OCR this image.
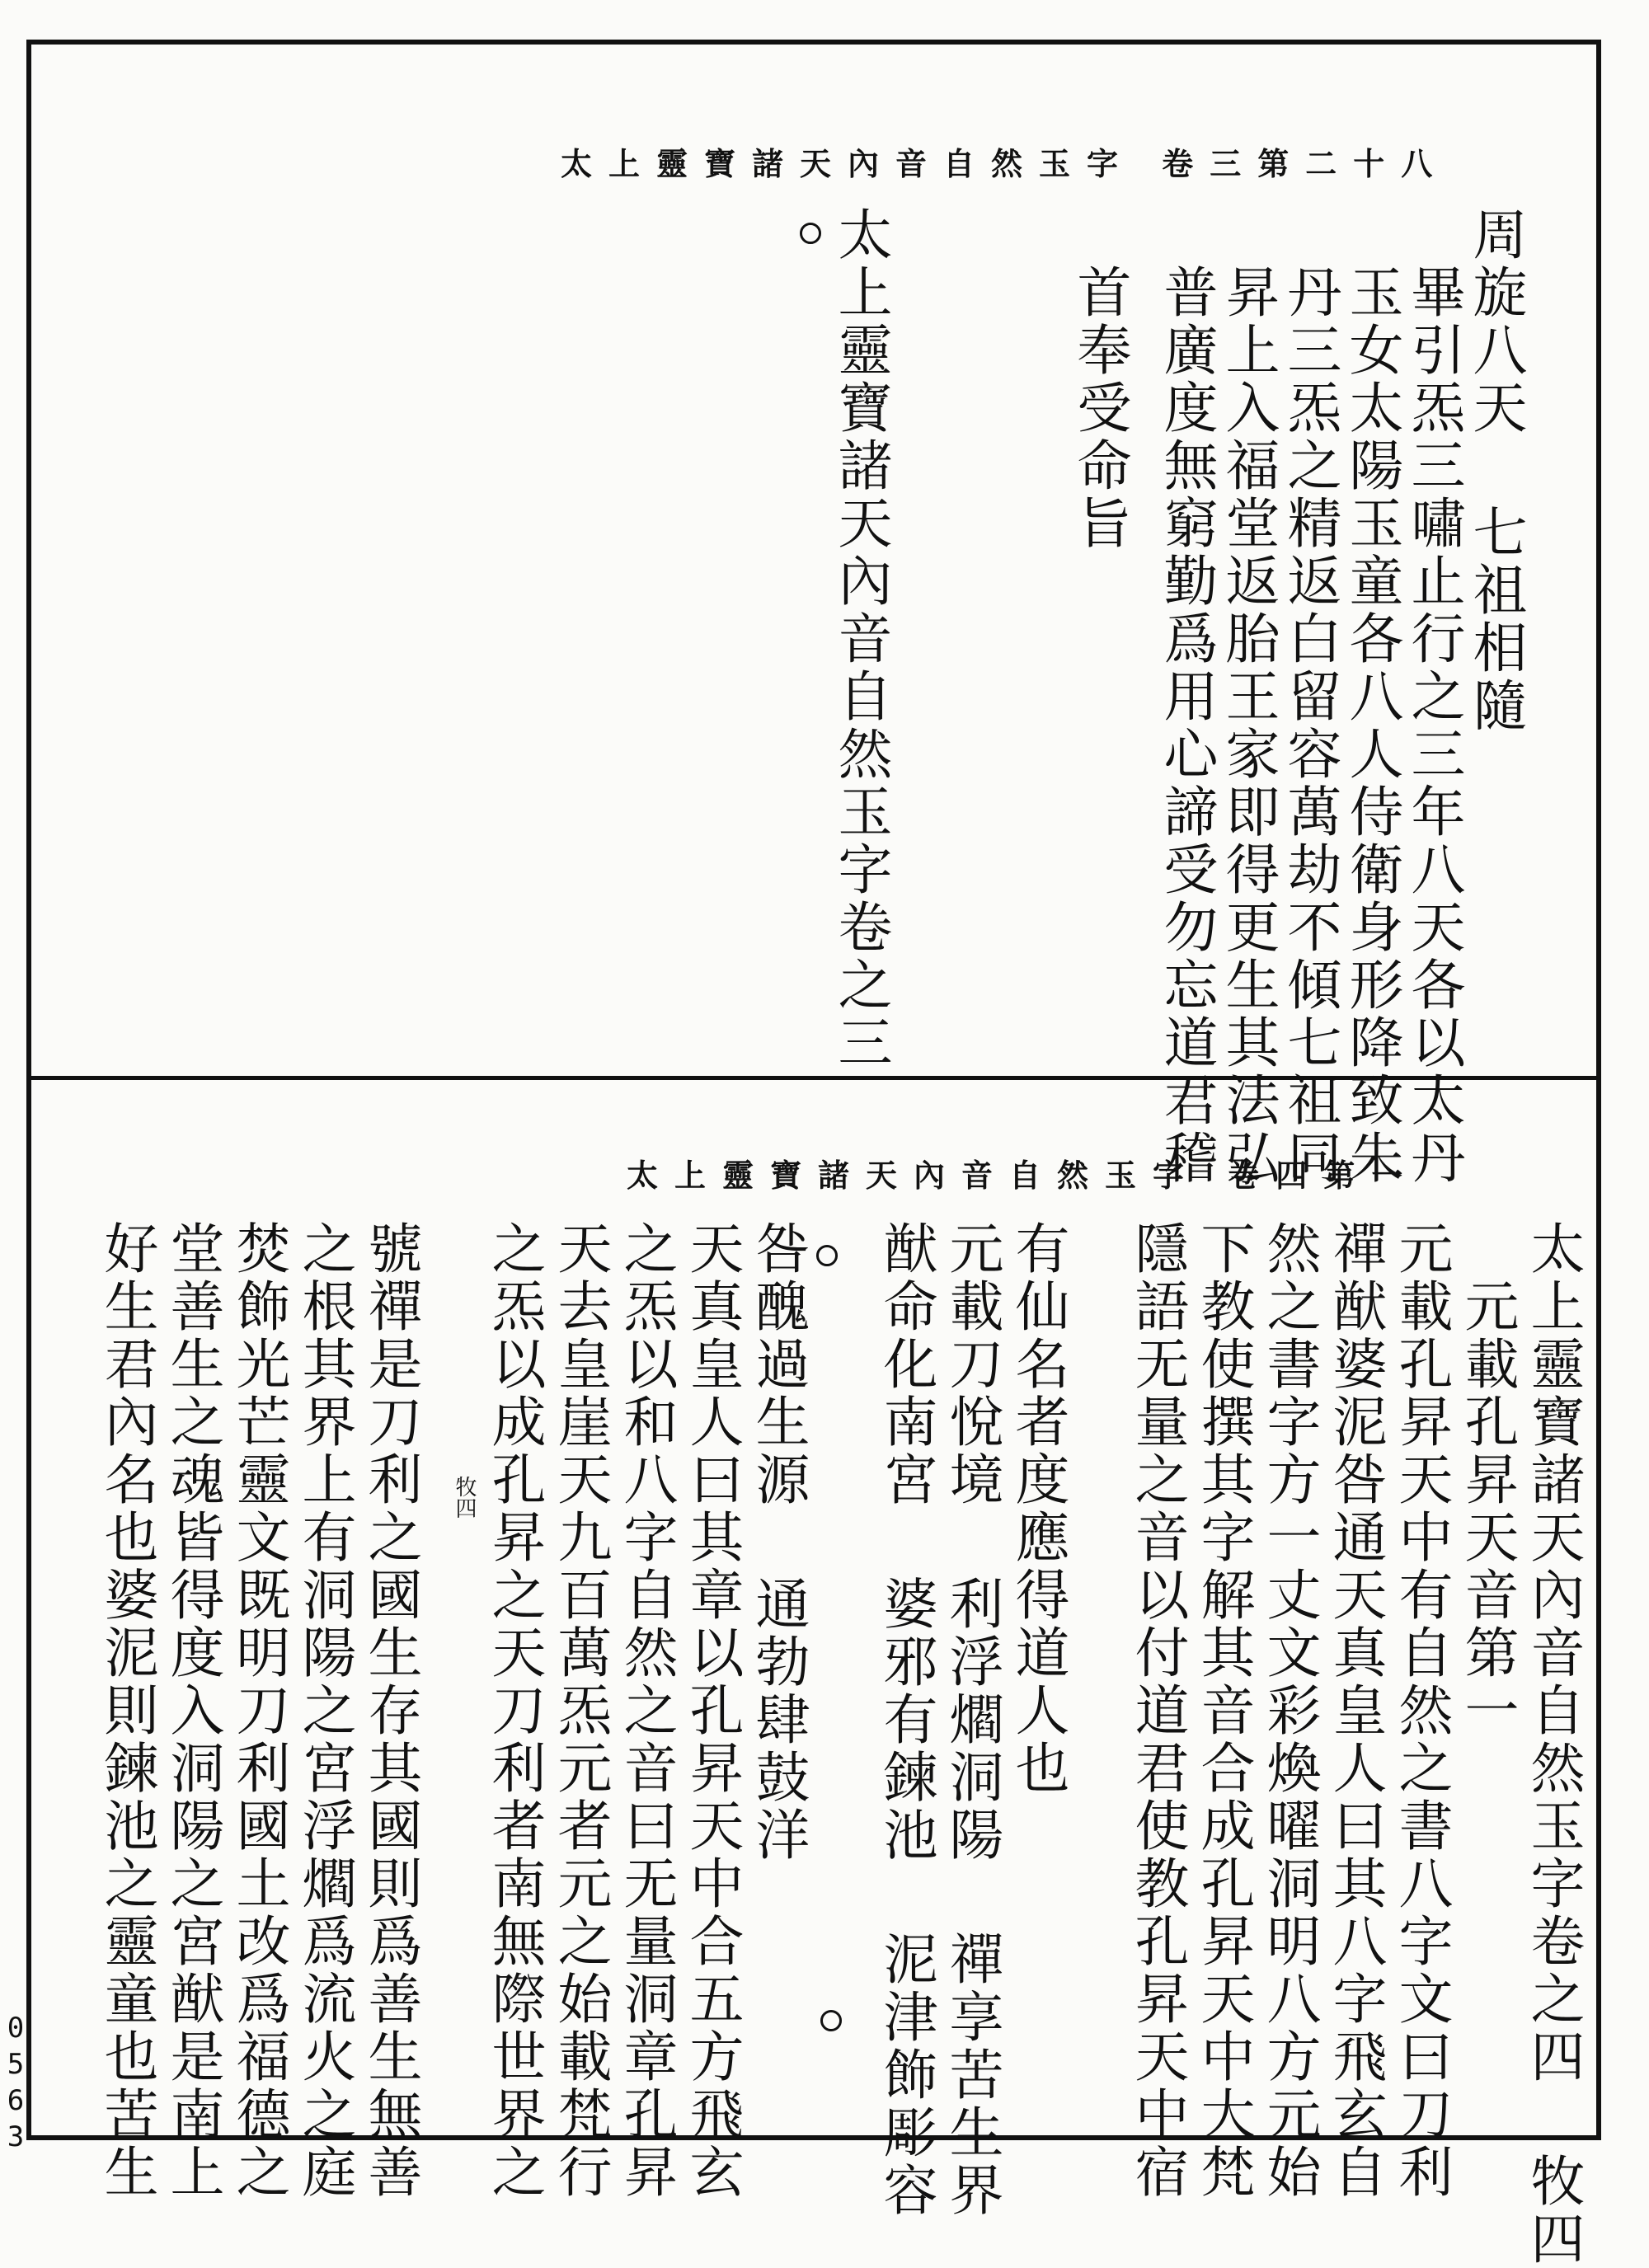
太上靈寶諸天內音自然玉字 卷三第二十八
周旋八天 七祖相隨
畢引炁三嘯止行之三年八天各以太丹
玉女太陽玉童各八人侍衛身形降致朱
丹三炁之精返白留容萬劫不傾七祖同
昇上入福堂返胎王家即得更生其法弘
普廣度無窮勤爲用心諦受勿忘道君稽
首奉受命旨
太上靈寶諸天內音自然玉字卷之三
太上靈寶諸天內音自然玉字 卷四第一
太上靈寶諸天內音自然玉字卷之四 牧四
元載孔昇天音第一
元載孔昇天中有自然之書八字文曰刀利
禪猷婆泥咎通天真皇人曰其八字飛玄自
然之書字方一丈文彩煥曜洞明八方元始
下教使撰其字解其音合成孔昇天中大梵
隱語无量之音以付道君使教孔昇天中宿
有仙名者度應得道人也
元載刀悅境 利浮爓洞陽 禪享苦生界
猷命化南宮 婆邪有鍊池 泥津飾彫容
咎醜過生源 通勃肆鼓洋
天真皇人曰其章以孔昇天中合五方飛玄
之炁以和八字自然之音曰无量洞章孔昇
天去皇崖天九百萬炁元者元之始載梵行
之炁以成孔昇之天刀利者南無際世界之
號禪是刀利之國生存其國則爲善生無善
之根其界上有洞陽之宮浮爓爲流火之庭
焚飾光芒靈文既明刀利國土改爲福德之
堂善生之魂皆得度入洞陽之宮猷是南上
好生君內名也婆泥則鍊池之靈童也苦生	牧四
0563
